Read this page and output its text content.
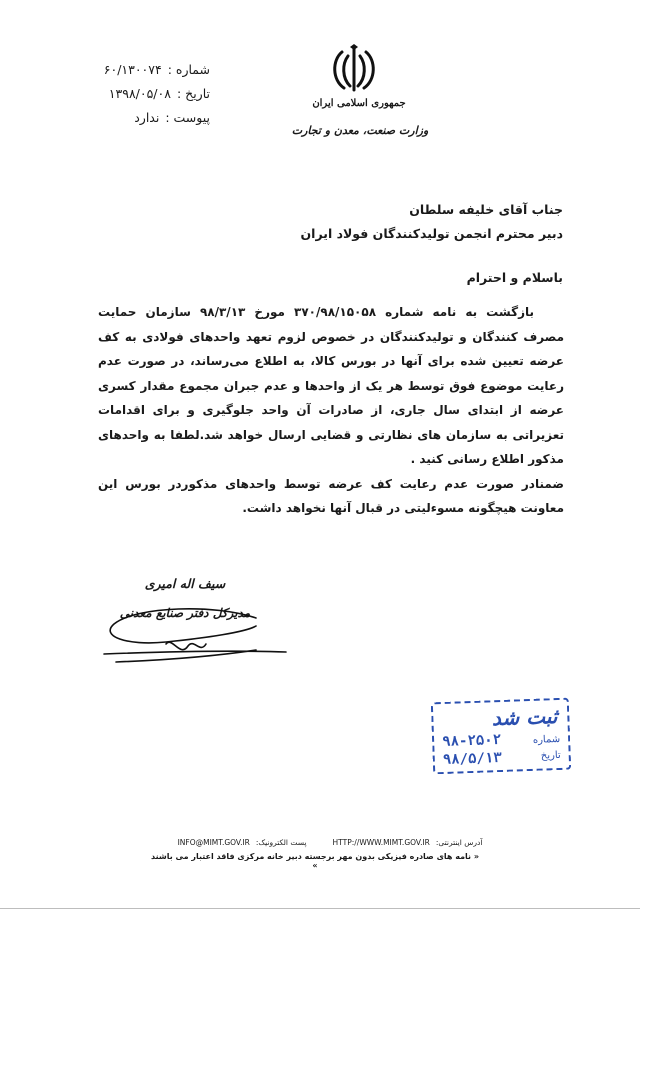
شماره :
۶۰/۱۳۰۰۷۴
تاریخ :
۱۳۹۸/۰۵/۰۸
پیوست :
ندارد
جمهوری اسلامی ایران
وزارت صنعت، معدن و تجارت
جناب آقای خلیفه سلطان
دبیر محترم انجمن تولیدکنندگان فولاد ایران
باسلام و احترام

بازگشت به نامه شماره ۳۷۰/۹۸/۱۵۰۵۸ مورخ ۹۸/۳/۱۳ سازمان حمایت مصرف کنندگان و تولیدکنندگان در خصوص لزوم تعهد واحدهای فولادی به کف عرضه تعیین شده برای آنها در بورس کالا، به اطلاع می‌رساند، در صورت عدم رعایت موضوع فوق توسط هر یک از واحدها و عدم جبران مجموع مقدار کسری عرضه از ابتدای سال جاری، از صادرات آن واحد جلوگیری و برای اقدامات تعزیراتی به سازمان های نظارتی و قضایی ارسال خواهد شد.لطفا به واحدهای مذکور اطلاع رسانی کنید .

ضمنادر صورت عدم رعایت کف عرضه توسط واحدهای مذکوردر بورس این معاونت هیچگونه مسوءلیتی در قبال آنها نخواهد داشت.

سیف اله امیری
مدیرکل دفتر صنایع معدنی
ثبت شد
شماره
۹۸-۲۵۰۲
تاریخ
۹۸/۵/۱۳
INFO@MIMT.GOV.IR پست الکترونیک:	HTTP://WWW.MIMT.GOV.IR آدرس اینترنتی:
« نامه های صادره فیزیکی بدون مهر برجسته دبیر خانه مرکزی فاقد اعتبار می باشند »
